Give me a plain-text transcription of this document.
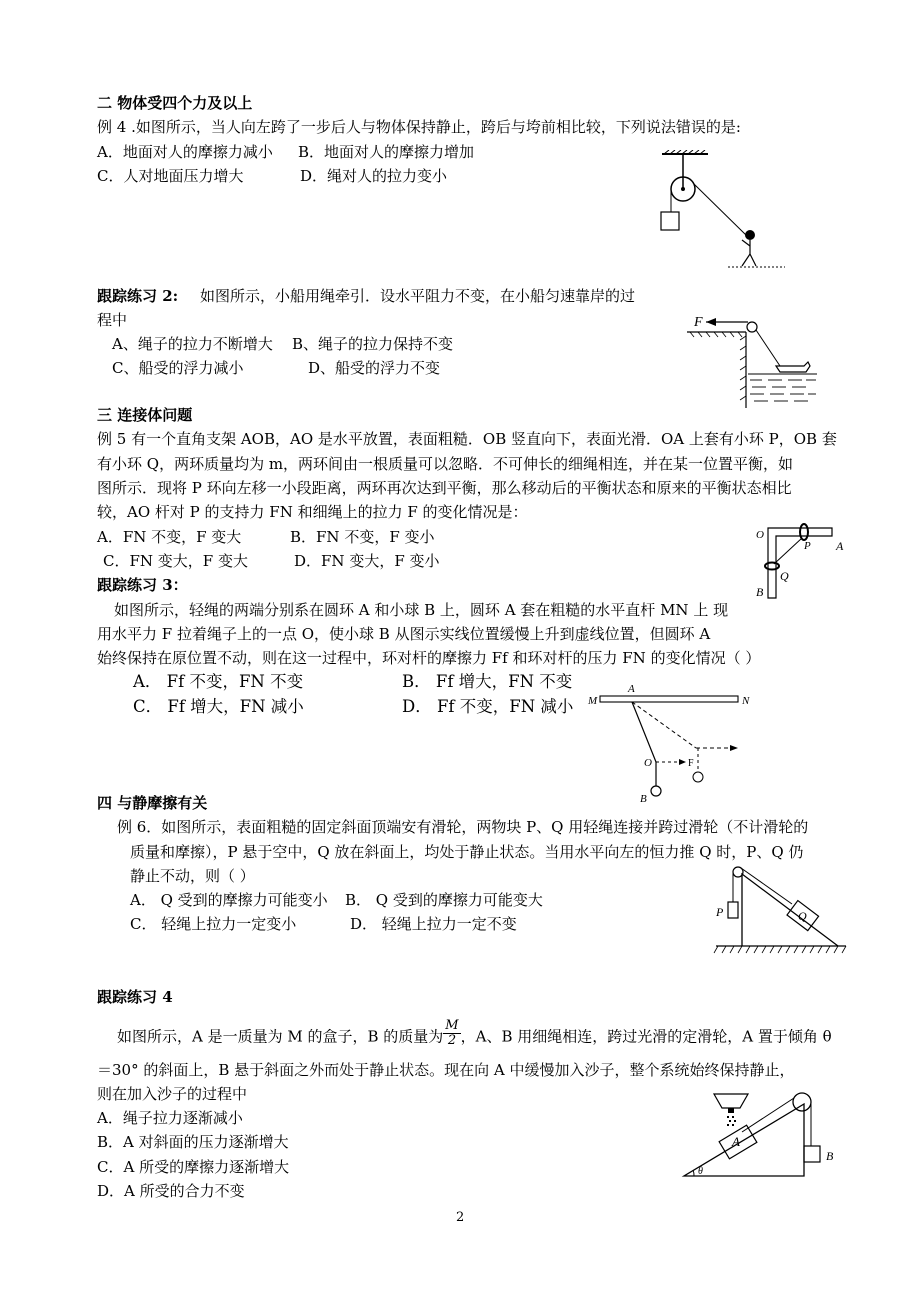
二 物体受四个力及以上
例 4 .如图所示，当人向左跨了一步后人与物体保持静止，跨后与垮前相比较，下列说法错误的是:
A．地面对人的摩擦力减小 B．地面对人的摩擦力增加
C．人对地面压力增大	D．绳对人的拉力变小
跟踪练习 2: 如图所示，小船用绳牵引．设水平阻力不变，在小船匀速靠岸的过
程中
A、绳子的拉力不断增大 B、绳子的拉力保持不变
C、船受的浮力减小	D、船受的浮力不变
F
三 连接体问题
例 5 有一个直角支架 AOB，AO 是水平放置，表面粗糙．OB 竖直向下，表面光滑．OA 上套有小环 P，OB 套
有小环 Q，两环质量均为 m，两环间由一根质量可以忽略．不可伸长的细绳相连，并在某一位置平衡，如
图所示．现将 P 环向左移一小段距离，两环再次达到平衡，那么移动后的平衡状态和原来的平衡状态相比
较，AO 杆对 P 的支持力 FN 和细绳上的拉力 F 的变化情况是：
A．FN 不变，F 变大	B．FN 不变，F 变小
C．FN 变大，F 变大	D．FN 变大，F 变小
O
A
B
P
Q
跟踪练习 3：
如图所示，轻绳的两端分别系在圆环 A 和小球 B 上，圆环 A 套在粗糙的水平直杆 MN 上 现
用水平力 F 拉着绳子上的一点 O，使小球 B 从图示实线位置缓慢上升到虚线位置，但圆环 A
始终保持在原位置不动，则在这一过程中，环对杆的摩擦力 Ff 和环对杆的压力 FN 的变化情况（ ）
A． Ff 不变，FN 不变	B． Ff 增大，FN 不变
C． Ff 增大，FN 减小	D． Ff 不变，FN 减小 M
A
N
F
O
B
四 与静摩擦有关
例 6．如图所示，表面粗糙的固定斜面顶端安有滑轮，两物块 P、Q 用轻绳连接并跨过滑轮（不计滑轮的
质量和摩擦），P 悬于空中，Q 放在斜面上，均处于静止状态。当用水平向左的恒力推 Q 时，P、Q 仍
静止不动，则（ ）
A． Q 受到的摩擦力可能变小 B． Q 受到的摩擦力可能变大
C． 轻绳上拉力一定变小	D． 轻绳上拉力一定不变
P	Q
跟踪练习 4
如图所示，A 是一质量为 M 的盒子，B 的质量为 $\frac{M}{2}$ ，A、B 用细绳相连，跨过光滑的定滑轮，A 置于倾角 θ
＝30° 的斜面上，B 悬于斜面之外而处于静止状态。现在向 A 中缓慢加入沙子，整个系统始终保持静止，
则在加入沙子的过程中
A．绳子拉力逐渐减小
B．A 对斜面的压力逐渐增大
C．A 所受的摩擦力逐渐增大
D．A 所受的合力不变
θ
B
A
2
